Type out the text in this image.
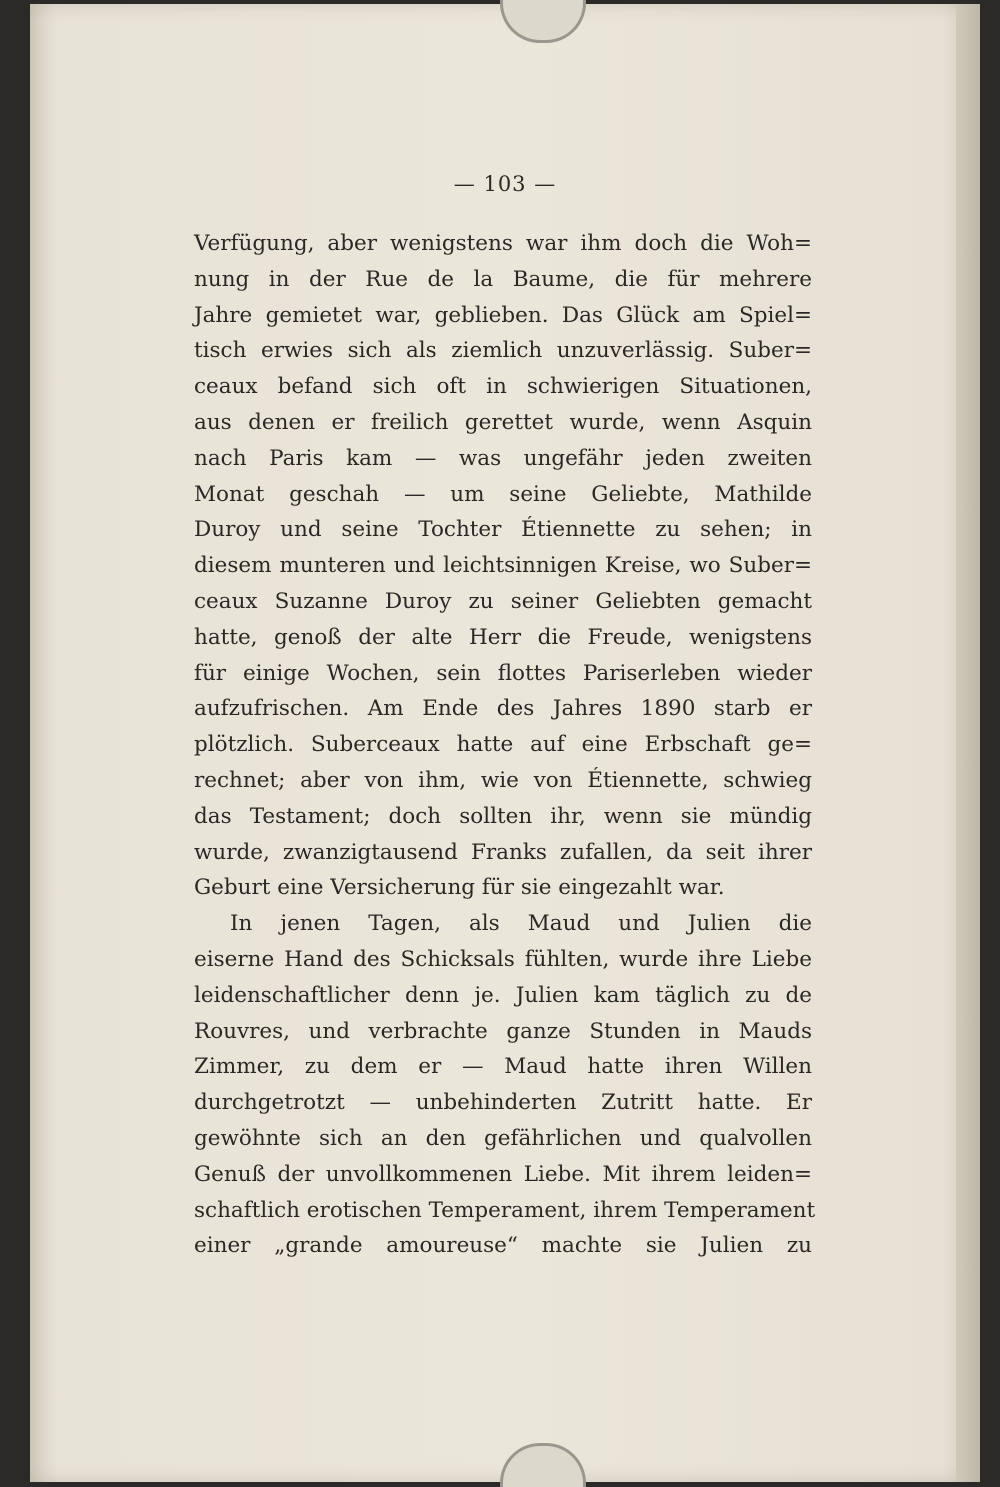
— 103 —
Verfügung, aber wenigstens war ihm doch die Woh=
nung in der Rue de la Baume, die für mehrere
Jahre gemietet war, geblieben. Das Glück am Spiel=
tisch erwies sich als ziemlich unzuverlässig. Suber=
ceaux befand sich oft in schwierigen Situationen,
aus denen er freilich gerettet wurde, wenn Asquin
nach Paris kam — was ungefähr jeden zweiten
Monat geschah — um seine Geliebte, Mathilde
Duroy und seine Tochter Étiennette zu sehen; in
diesem munteren und leichtsinnigen Kreise, wo Suber=
ceaux Suzanne Duroy zu seiner Geliebten gemacht
hatte, genoß der alte Herr die Freude, wenigstens
für einige Wochen, sein flottes Pariserleben wieder
aufzufrischen. Am Ende des Jahres 1890 starb er
plötzlich. Suberceaux hatte auf eine Erbschaft ge=
rechnet; aber von ihm, wie von Étiennette, schwieg
das Testament; doch sollten ihr, wenn sie mündig
wurde, zwanzigtausend Franks zufallen, da seit ihrer
Geburt eine Versicherung für sie eingezahlt war.
In jenen Tagen, als Maud und Julien die
eiserne Hand des Schicksals fühlten, wurde ihre Liebe
leidenschaftlicher denn je. Julien kam täglich zu de
Rouvres, und verbrachte ganze Stunden in Mauds
Zimmer, zu dem er — Maud hatte ihren Willen
durchgetrotzt — unbehinderten Zutritt hatte. Er
gewöhnte sich an den gefährlichen und qualvollen
Genuß der unvollkommenen Liebe. Mit ihrem leiden=
schaftlich erotischen Temperament, ihrem Temperament
einer „grande amoureuse“ machte sie Julien zu
